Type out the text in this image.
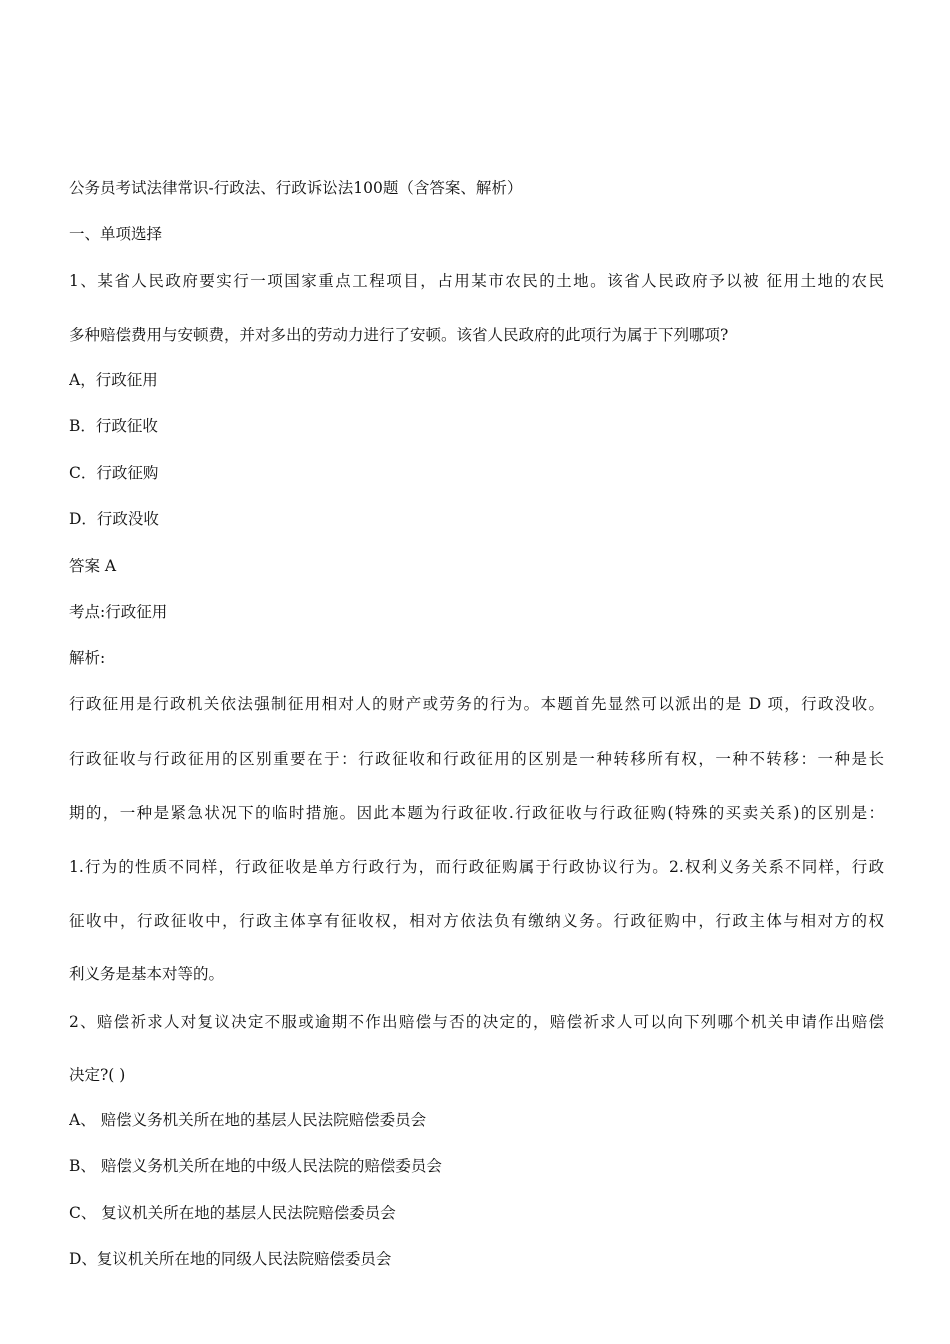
公务员考试法律常识-行政法、行政诉讼法100题（含答案、解析）
一、单项选择
1、某省人民政府要实行一项国家重点工程项目，占用某市农民的土地。该省人民政府予以被 征用土地的农民
多种赔偿费用与安顿费，并对多出的劳动力进行了安顿。该省人民政府的此项行为属于下列哪项?
A，行政征用
B．行政征收
C．行政征购
D．行政没收
答案 A
考点:行政征用
解析:
行政征用是行政机关依法强制征用相对人的财产或劳务的行为。本题首先显然可以派出的是 D 项，行政没收。
行政征收与行政征用的区别重要在于：行政征收和行政征用的区别是一种转移所有权，一种不转移：一种是长
期的，一种是紧急状况下的临时措施。因此本题为行政征收.行政征收与行政征购(特殊的买卖关系)的区别是：
1.行为的性质不同样，行政征收是单方行政行为，而行政征购属于行政协议行为。2.权利义务关系不同样，行政
征收中，行政征收中，行政主体享有征收权，相对方依法负有缴纳义务。行政征购中，行政主体与相对方的权
利义务是基本对等的。
2、赔偿祈求人对复议决定不服或逾期不作出赔偿与否的决定的，赔偿祈求人可以向下列哪个机关申请作出赔偿
决定?( )
A、 赔偿义务机关所在地的基层人民法院赔偿委员会
B、 赔偿义务机关所在地的中级人民法院的赔偿委员会
C、 复议机关所在地的基层人民法院赔偿委员会
D、复议机关所在地的同级人民法院赔偿委员会
